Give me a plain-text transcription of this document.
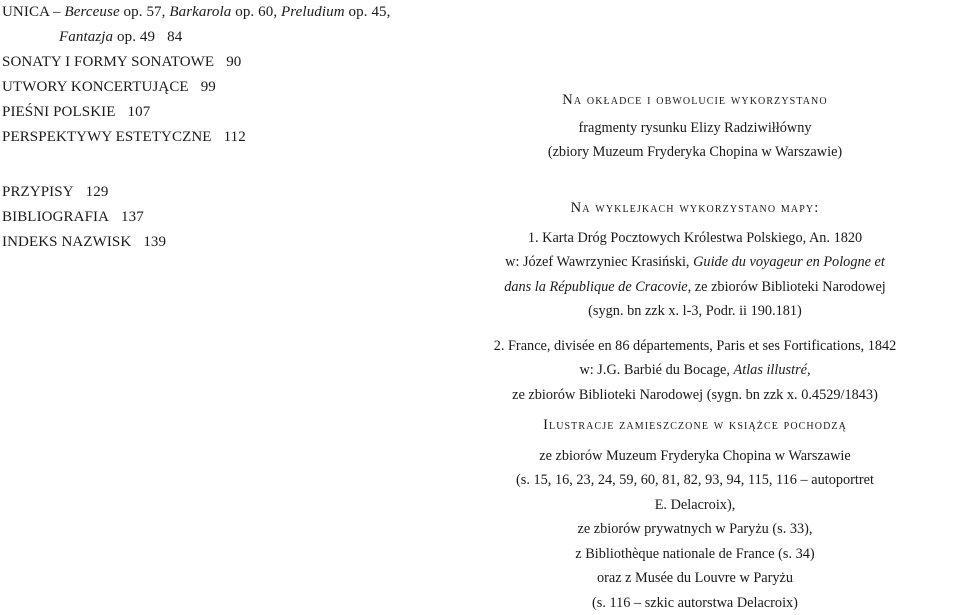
UNICA – Berceuse op. 57, Barkarola op. 60, Preludium op. 45,
Fantazja op. 49 84
SONATY I FORMY SONATOWE 90
UTWORY KONCERTUJĄCE 99
PIEŚNI POLSKIE 107
PERSPEKTYWY ESTETYCZNE 112
PRZYPISY 129
BIBLIOGRAFIA 137
INDEKS NAZWISK 139
Na okładce i obwolucie wykorzystano
fragmenty rysunku Elizy Radziwiłłówny
(zbiory Muzeum Fryderyka Chopina w Warszawie)
Na wyklejkach wykorzystano mapy:
1. Karta Dróg Pocztowych Królestwa Polskiego, An. 1820
w: Józef Wawrzyniec Krasiński, Guide du voyageur en Pologne et
dans la République de Cracovie, ze zbiorów Biblioteki Narodowej
(sygn. bn zzk x. l-3, Podr. ii 190.181)
2. France, divisée en 86 départements, Paris et ses Fortifications, 1842
w: J.G. Barbié du Bocage, Atlas illustré,
ze zbiorów Biblioteki Narodowej (sygn. bn zzk x. 0.4529/1843)
Ilustracje zamieszczone w książce pochodzą
ze zbiorów Muzeum Fryderyka Chopina w Warszawie
(s. 15, 16, 23, 24, 59, 60, 81, 82, 93, 94, 115, 116 – autoportret
E. Delacroix),
ze zbiorów prywatnych w Paryżu (s. 33),
z Bibliothèque nationale de France (s. 34)
oraz z Musée du Louvre w Paryżu
(s. 116 – szkic autorstwa Delacroix)
